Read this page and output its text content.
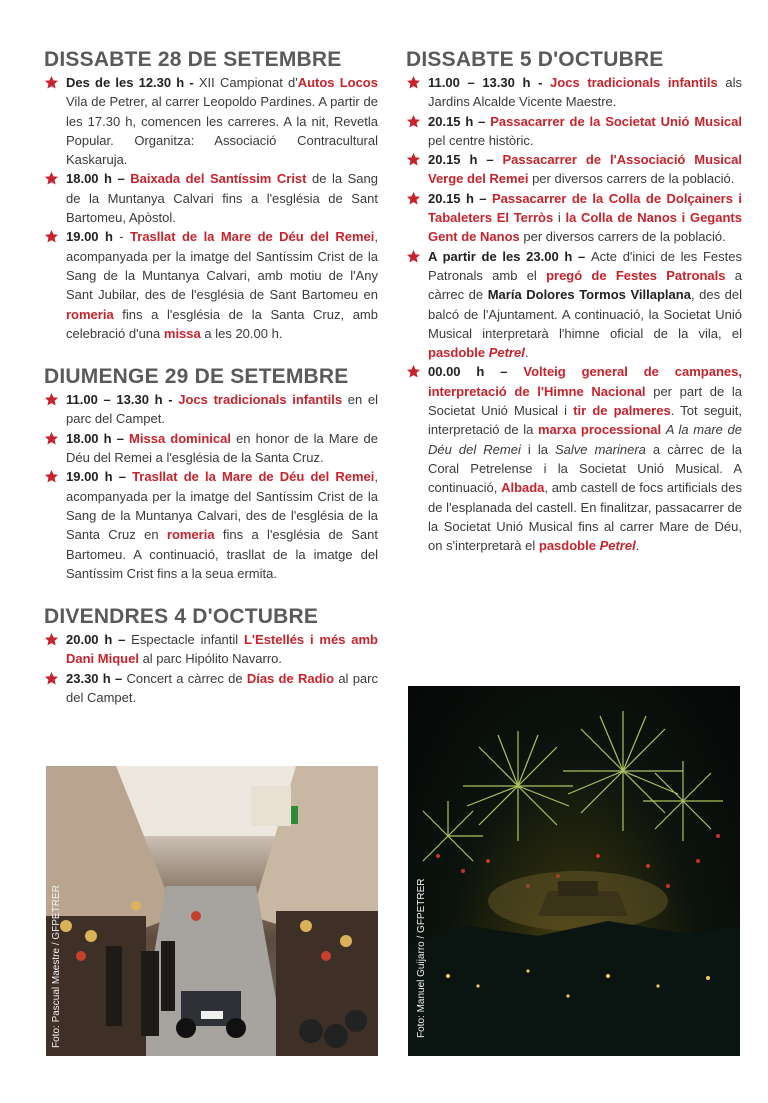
DISSABTE 28 DE SETEMBRE

Des de les 12.30 h - XII Campionat d'Autos Locos Vila de Petrer, al carrer Leopoldo Pardines. A partir de les 17.30 h, comencen les carreres. A la nit, Revetla Popular. Organitza: Associació Contracultural Kaskaruja.

18.00 h – Baixada del Santíssim Crist de la Sang de la Muntanya Calvari fins a l'església de Sant Bartomeu, Apòstol.

19.00 h - Trasllat de la Mare de Déu del Remei, acompanyada per la imatge del Santíssim Crist de la Sang de la Muntanya Calvari, amb motiu de l'Any Sant Jubilar, des de l'església de Sant Bartomeu en romeria fins a l'església de la Santa Cruz, amb celebració d'una missa a les 20.00 h.

DIUMENGE 29 DE SETEMBRE

11.00 – 13.30 h - Jocs tradicionals infantils en el parc del Campet.

18.00 h – Missa dominical en honor de la Mare de Déu del Remei a l'església de la Santa Cruz.

19.00 h – Trasllat de la Mare de Déu del Remei, acompanyada per la imatge del Santíssim Crist de la Sang de la Muntanya Calvari, des de l'església de la Santa Cruz en romeria fins a l'església de Sant Bartomeu. A continuació, trasllat de la imatge del Santíssim Crist fins a la seua ermita.

DIVENDRES 4 D'OCTUBRE

20.00 h – Espectacle infantil L'Estellés i més amb Dani Miquel al parc Hipólito Navarro.

23.30 h – Concert a càrrec de Días de Radio al parc del Campet.

DISSABTE 5 D'OCTUBRE

11.00 – 13.30 h - Jocs tradicionals infantils als Jardins Alcalde Vicente Maestre.

20.15 h – Passacarrer de la Societat Unió Musical pel centre històric.

20.15 h – Passacarrer de l'Associació Musical Verge del Remei per diversos carrers de la població.

20.15 h – Passacarrer de la Colla de Dolçainers i Tabaleters El Terròs i la Colla de Nanos i Gegants Gent de Nanos per diversos carrers de la població.

A partir de les 23.00 h – Acte d'inici de les Festes Patronals amb el pregó de Festes Patronals a càrrec de María Dolores Tormos Villaplana, des del balcó de l'Ajuntament. A continuació, la Societat Unió Musical interpretarà l'himne oficial de la vila, el pasdoble Petrel.

00.00 h – Volteig general de campanes, interpretació de l'Himne Nacional per part de la Societat Unió Musical i tir de palmeres. Tot seguit, interpretació de la marxa processional A la mare de Déu del Remei i la Salve marinera a càrrec de la Coral Petrelense i la Societat Unió Musical. A continuació, Albada, amb castell de focs artificials des de l'esplanada del castell. En finalitzar, passacarrer de la Societat Unió Musical fins al carrer Mare de Déu, on s'interpretarà el pasdoble Petrel.

Foto: Pascual Maestre / GFPETRER	Foto: Manuel Guijarro / GFPETRER
